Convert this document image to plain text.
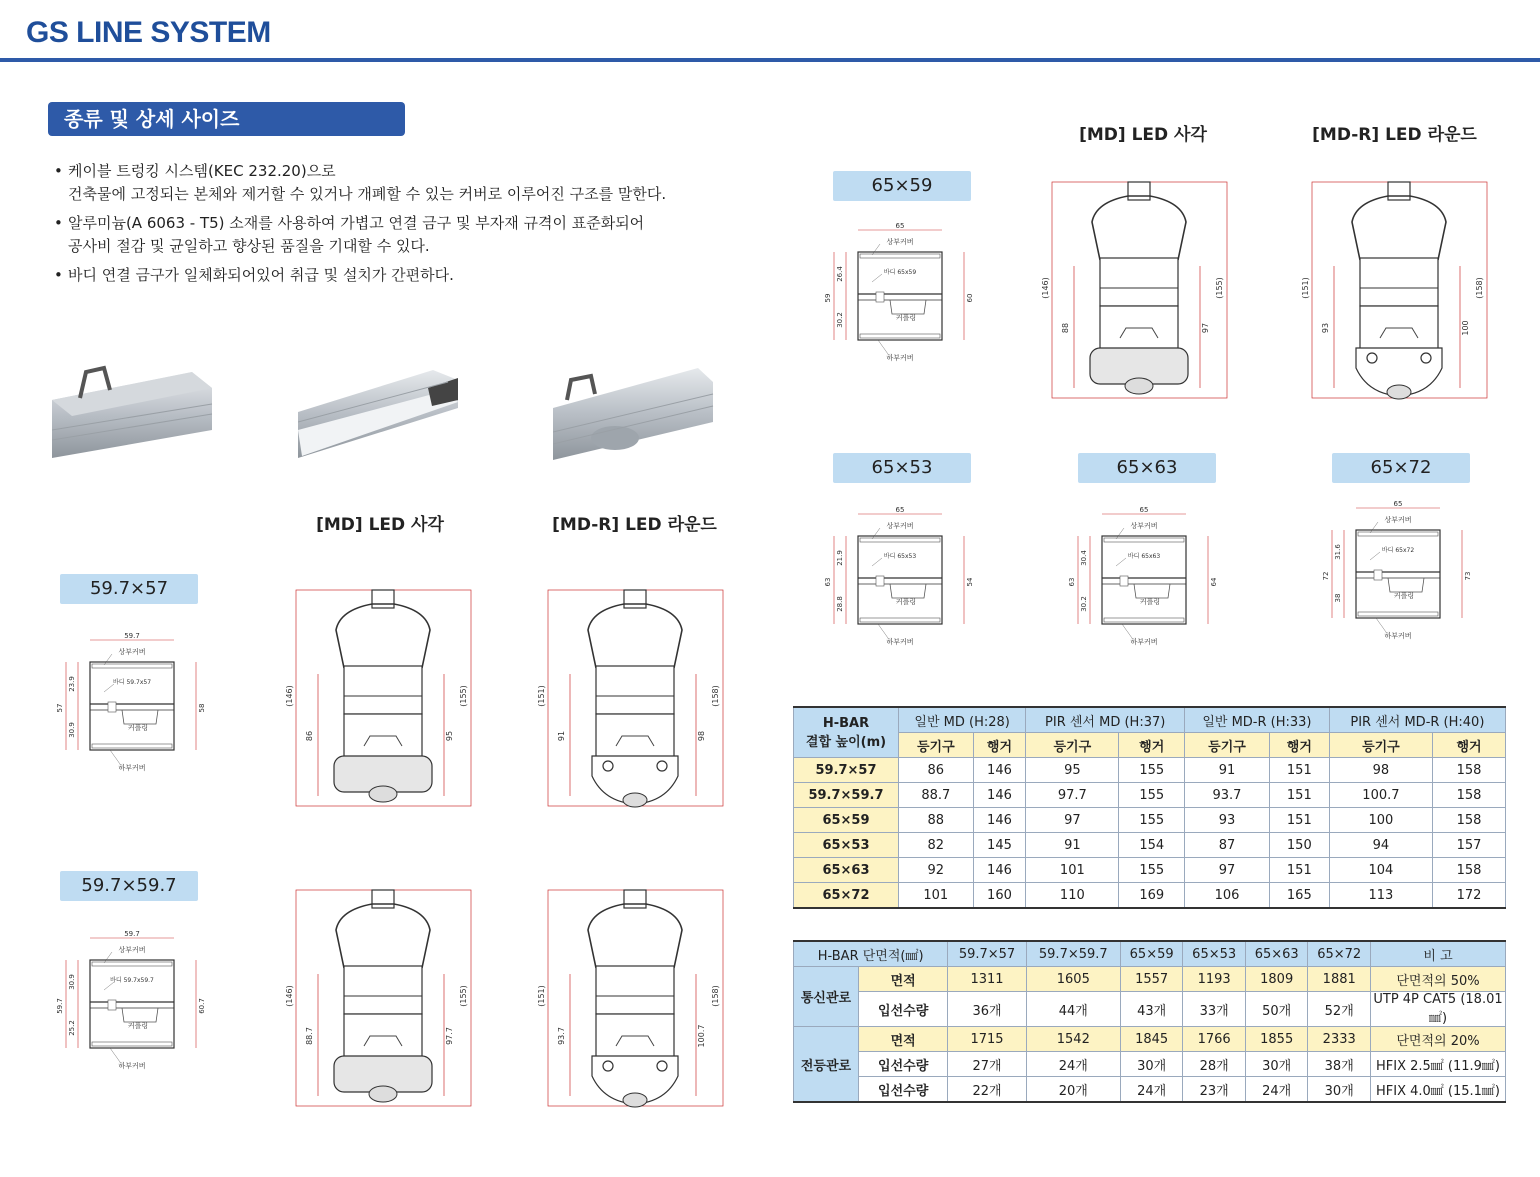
GS LINE SYSTEM
종류 및 상세 사이즈
• 케이블 트렁킹 시스템(KEC 232.20)으로
건축물에 고정되는 본체와 제거할 수 있거나 개폐할 수 있는 커버로 이루어진 구조를 말한다.
• 알루미늄(A 6063 - T5) 소재를 사용하여 가볍고 연결 금구 및 부자재 규격이 표준화되어
공사비 절감 및 균일하고 향상된 품질을 기대할 수 있다.
• 바디 연결 금구가 일체화되어있어 취급 및 설치가 간편하다.
[MD] LED 사각	[MD-R] LED 라운드
[MD] LED 사각	[MD-R] LED 라운드
59.7×57
59.7×59.7
65×59
65×53	65×63	65×72
59.7
상부커버
바디 59.7x57
커플링
하부커버
57	58
23.9
30.9
59.7
상부커버
바디 59.7x59.7
커플링
하부커버
59.7	60.7
30.9
25.2
65
상부커버
바디 65x59
커플링
하부커버
59	60
26.4
30.2
65
상부커버
바디 65x53
커플링
하부커버
63	54
21.9
28.8
65
상부커버
바디 65x63
커플링
하부커버
63	64
30.4
30.2
65
상부커버
바디 65x72
커플링
하부커버
72	73
31.6
38
(146)
86	95
(155)	(151)
91	98
(158)
(146)
88.7	97.7
(155)	(151)
93.7	100.7
(158)
(146)
88	97
(155)	(151)
93	100
(158)
H-BAR
결합 높이(m)	일반 MD (H:28)		PIR 센서 MD (H:37)		일반 MD-R (H:33)		PIR 센서 MD-R (H:40)	
	등기구	행거	등기구	행거	등기구	행거	등기구	행거
59.7×57	86	146	95	155	91	151	98	158
59.7×59.7	88.7	146	97.7	155	93.7	151	100.7	158
65×59	88	146	97	155	93	151	100	158
65×53	82	145	91	154	87	150	94	157
65×63	92	146	101	155	97	151	104	158
65×72	101	160	110	169	106	165	113	172
H-BAR 단면적(㎟)		59.7×57	59.7×59.7	65×59	65×53	65×63	65×72	비 고
통신관로	면적	1311	1605	1557	1193	1809	1881	단면적의 50%
	입선수량	36개	44개	43개	33개	50개	52개	UTP 4P CAT5 (18.01㎟)
전등관로	면적	1715	1542	1845	1766	1855	2333	단면적의 20%
	입선수량	27개	24개	30개	28개	30개	38개	HFIX 2.5㎟ (11.9㎟)
	입선수량	22개	20개	24개	23개	24개	30개	HFIX 4.0㎟ (15.1㎟)
